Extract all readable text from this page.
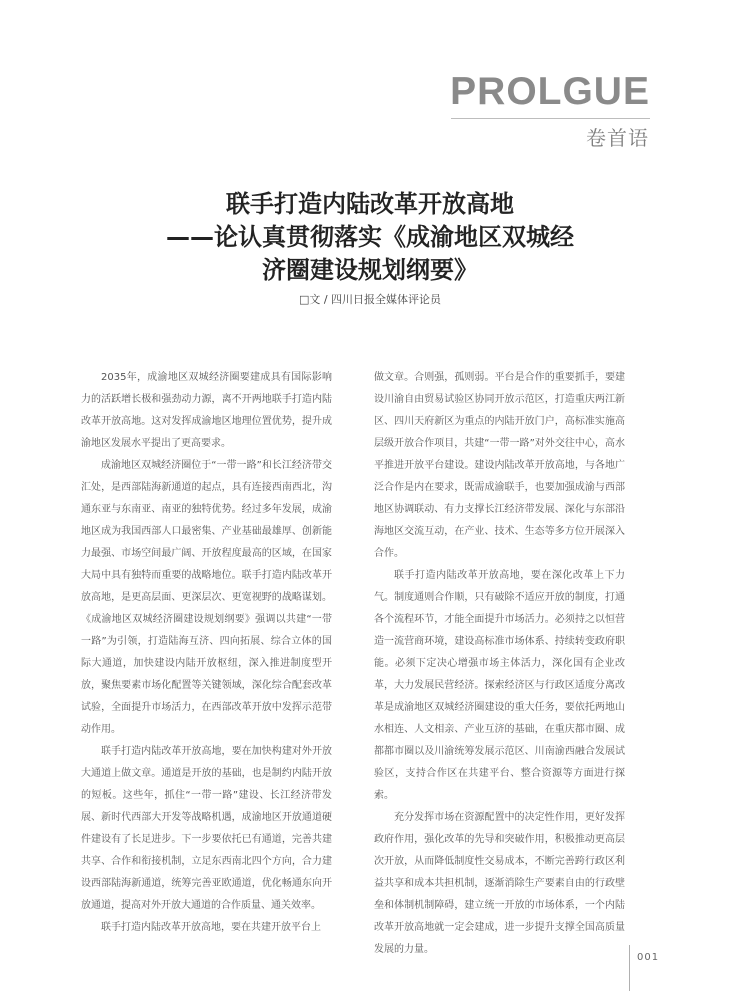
PROLGUE
卷首语
联手打造内陆改革开放高地
——论认真贯彻落实《成渝地区双城经
济圈建设规划纲要》
□文 / 四川日报全媒体评论员

2035年，成渝地区双城经济圈要建成具有国际影响力的活跃增长极和强劲动力源，离不开两地联手打造内陆改革开放高地。这对发挥成渝地区地理位置优势，提升成渝地区发展水平提出了更高要求。

成渝地区双城经济圈位于“一带一路”和长江经济带交汇处，是西部陆海新通道的起点，具有连接西南西北，沟通东亚与东南亚、南亚的独特优势。经过多年发展，成渝地区成为我国西部人口最密集、产业基础最雄厚、创新能力最强、市场空间最广阔、开放程度最高的区域，在国家大局中具有独特而重要的战略地位。联手打造内陆改革开放高地，是更高层面、更深层次、更宽视野的战略谋划。《成渝地区双城经济圈建设规划纲要》强调以共建“一带一路”为引领，打造陆海互济、四向拓展、综合立体的国际大通道，加快建设内陆开放枢纽，深入推进制度型开放，聚焦要素市场化配置等关键领域，深化综合配套改革试验，全面提升市场活力，在西部改革开放中发挥示范带动作用。

联手打造内陆改革开放高地，要在加快构建对外开放大通道上做文章。通道是开放的基础，也是制约内陆开放的短板。这些年，抓住“一带一路”建设、长江经济带发展、新时代西部大开发等战略机遇，成渝地区开放通道硬件建设有了长足进步。下一步要依托已有通道，完善共建共享、合作和衔接机制，立足东西南北四个方向，合力建设西部陆海新通道，统筹完善亚欧通道，优化畅通东向开放通道，提高对外开放大通道的合作质量、通关效率。

联手打造内陆改革开放高地，要在共建开放平台上

做文章。合则强，孤则弱。平台是合作的重要抓手，要建设川渝自由贸易试验区协同开放示范区，打造重庆两江新区、四川天府新区为重点的内陆开放门户，高标准实施高层级开放合作项目，共建“一带一路”对外交往中心，高水平推进开放平台建设。建设内陆改革开放高地，与各地广泛合作是内在要求，既需成渝联手，也要加强成渝与西部地区协调联动、有力支撑长江经济带发展、深化与东部沿海地区交流互动，在产业、技术、生态等多方位开展深入合作。

联手打造内陆改革开放高地，要在深化改革上下力气。制度通则合作顺，只有破除不适应开放的制度，打通各个流程环节，才能全面提升市场活力。必须持之以恒营造一流营商环境，建设高标准市场体系、持续转变政府职能。必须下定决心增强市场主体活力，深化国有企业改革，大力发展民营经济。探索经济区与行政区适度分离改革是成渝地区双城经济圈建设的重大任务，要依托两地山水相连、人文相亲、产业互济的基础，在重庆都市圈、成都都市圈以及川渝统筹发展示范区、川南渝西融合发展试验区，支持合作区在共建平台、整合资源等方面进行探索。

充分发挥市场在资源配置中的决定性作用，更好发挥政府作用，强化改革的先导和突破作用，积极推动更高层次开放，从而降低制度性交易成本，不断完善跨行政区利益共享和成本共担机制，逐渐消除生产要素自由的行政壁垒和体制机制障碍，建立统一开放的市场体系，一个内陆改革开放高地就一定会建成，进一步提升支撑全国高质量发展的力量。

001
